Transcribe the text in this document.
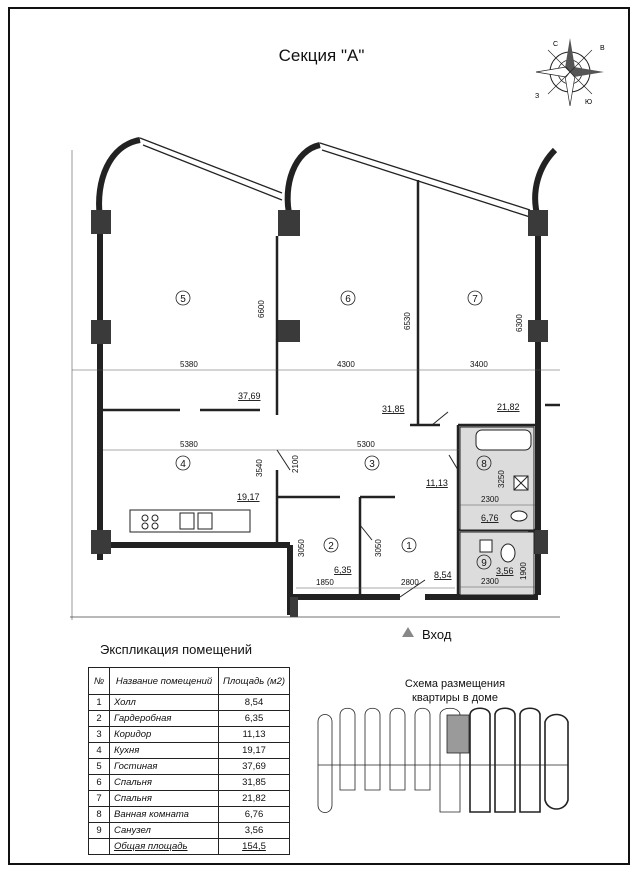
Секция "А"
C
B
Ю
З
5380	4300	3400
6600
6530	6300
5380	5300
2100
3540
3250
2300
3050	3050
1850	2800	2300
1900
5	6	7
4	3	8
2	1
9
37,69
31,85	21,82
19,17
11,13
6,76
6,35	8,54	3,56
Вход
Экспликация помещений
№	Название помещений	Площадь (м2)
1	Холл	8,54
2	Гардеробная	6,35
3	Коридор	11,13
4	Кухня	19,17
5	Гостиная	37,69
6	Спальня	31,85
7	Спальня	21,82
8	Ванная комната	6,76
9	Санузел	3,56
	Общая площадь	154,5
Схема размещения
квартиры в доме
